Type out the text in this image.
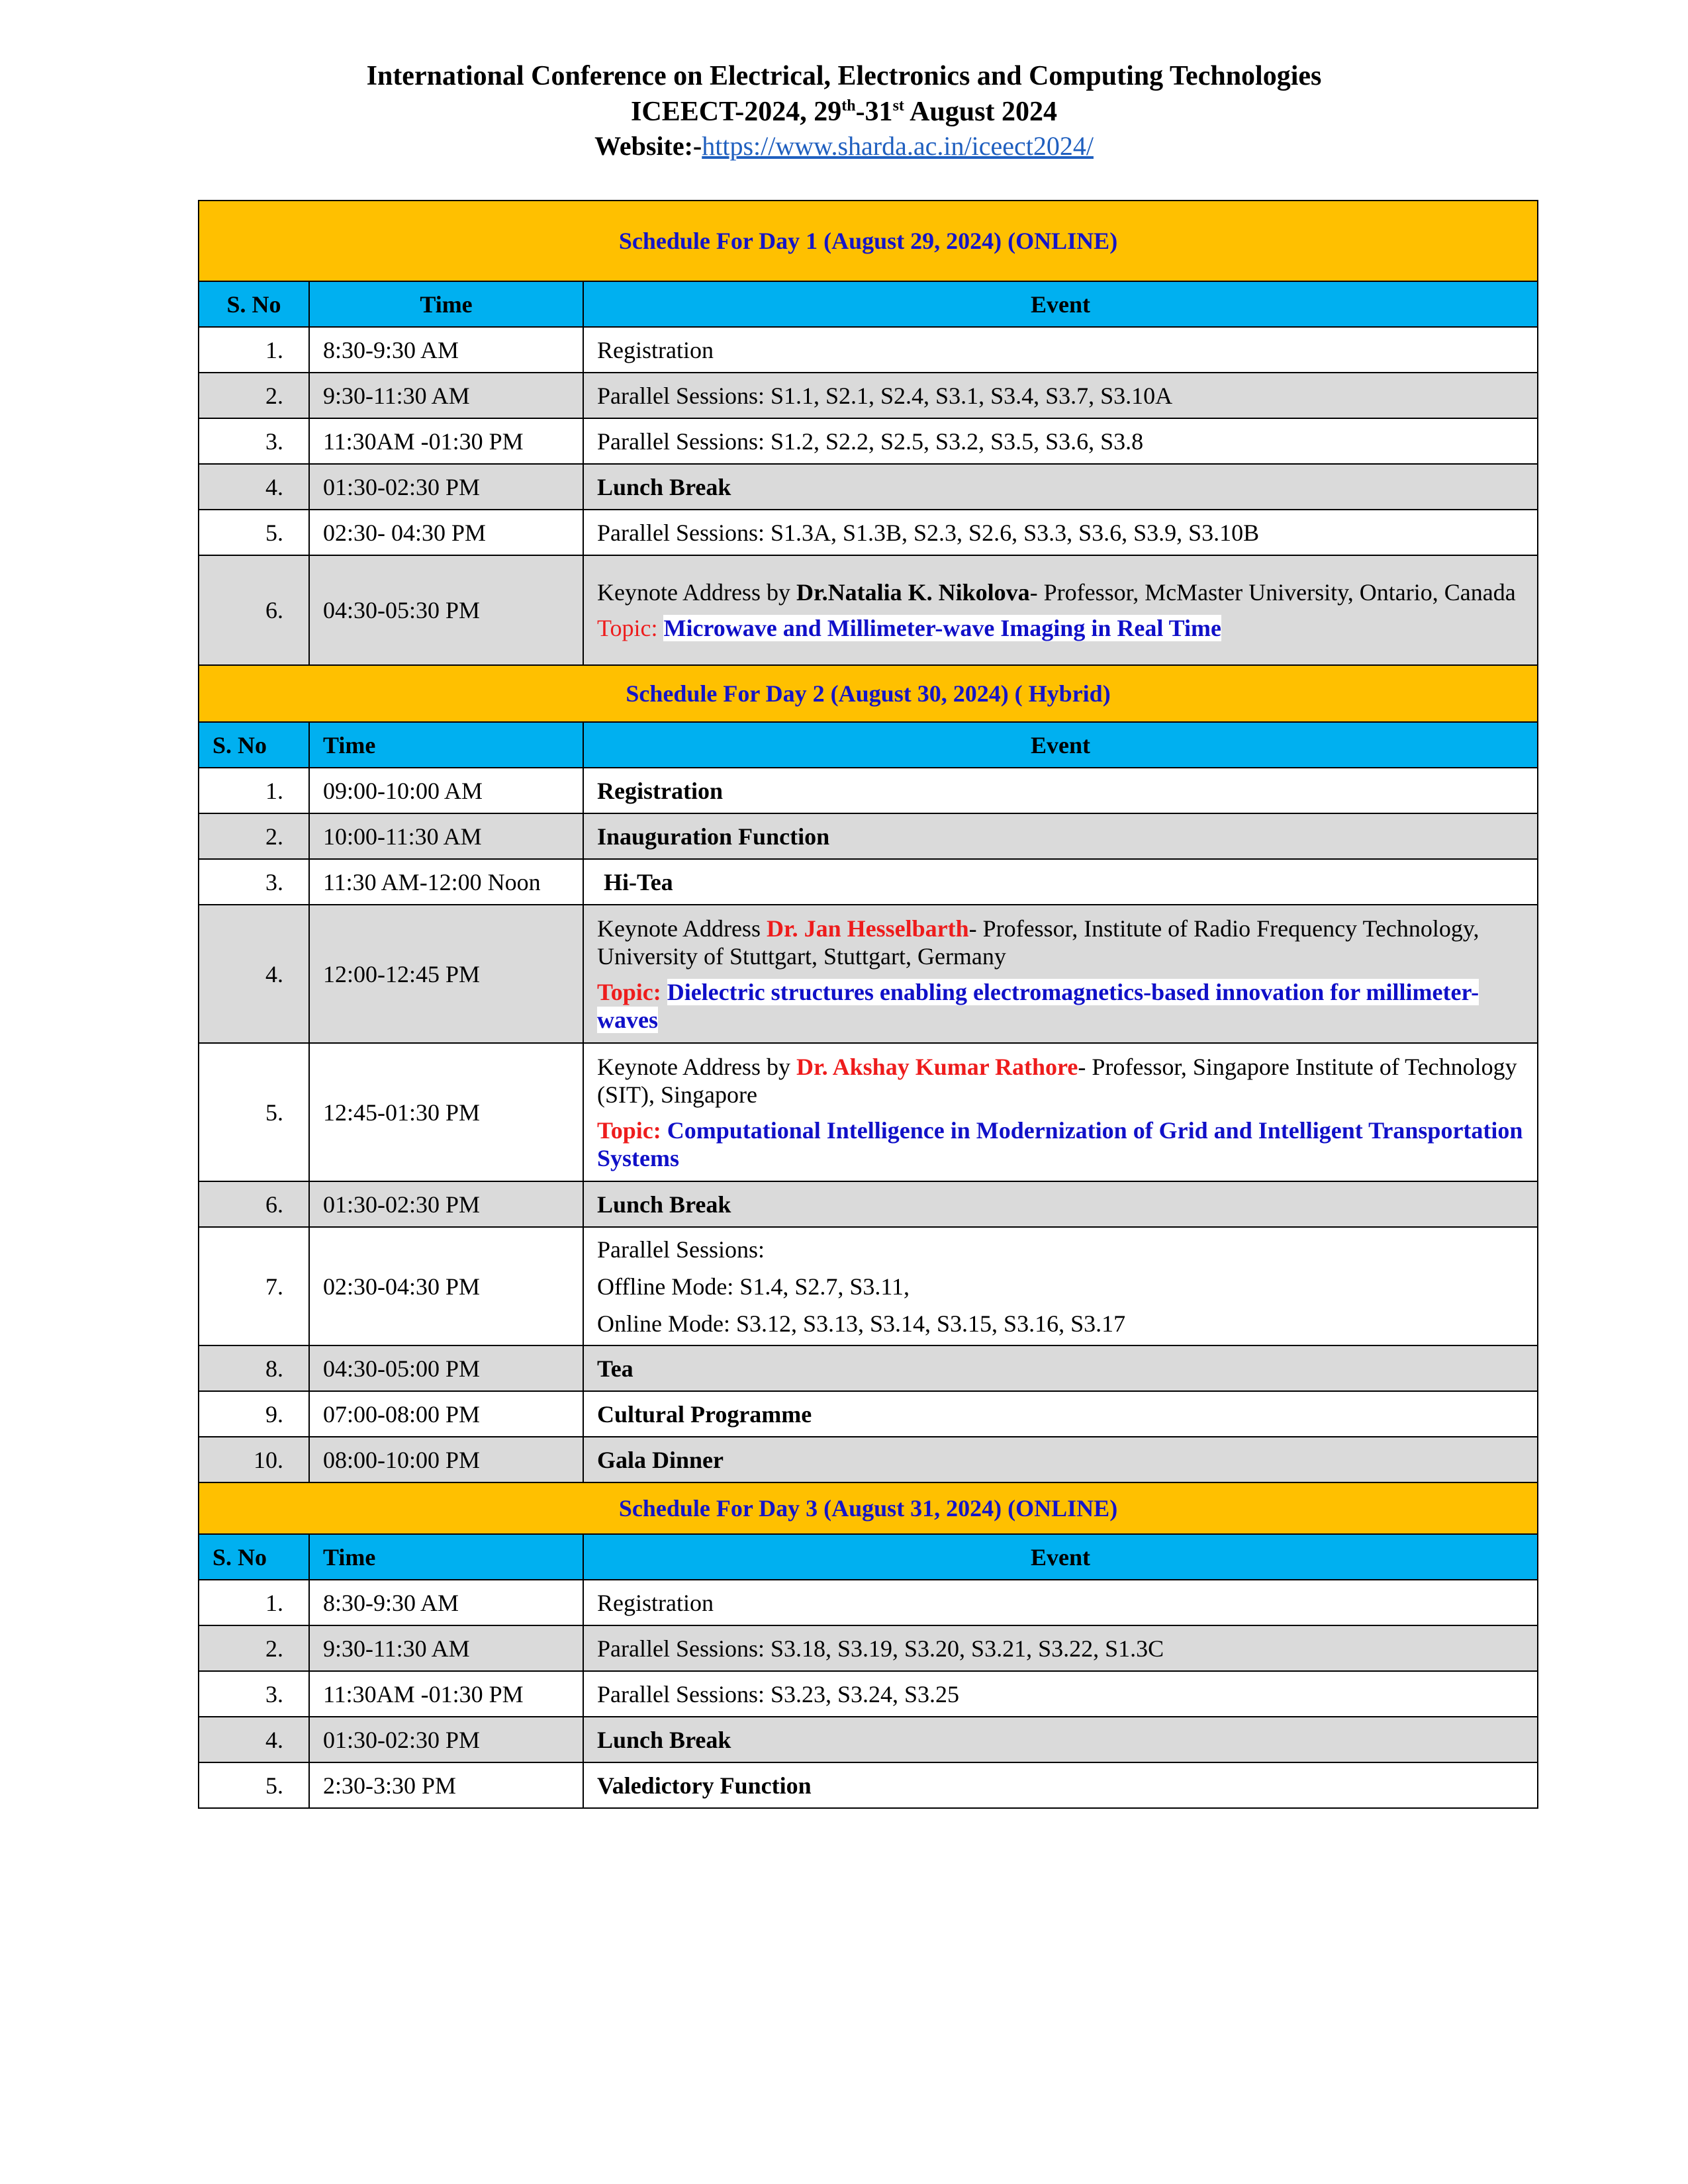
International Conference on Electrical, Electronics and Computing Technologies
ICEECT-2024, 29th-31st August 2024
Website:-https://www.sharda.ac.in/iceect2024/
Schedule For Day 1 (August 29, 2024) (ONLINE)		
S. No	Time	Event
1.	8:30-9:30 AM	Registration
2.	9:30-11:30 AM	Parallel Sessions: S1.1, S2.1, S2.4, S3.1, S3.4, S3.7, S3.10A
3.	11:30AM -01:30 PM	Parallel Sessions: S1.2, S2.2, S2.5, S3.2, S3.5, S3.6, S3.8
4.	01:30-02:30 PM	Lunch Break
5.	02:30- 04:30 PM	Parallel Sessions: S1.3A, S1.3B, S2.3, S2.6, S3.3, S3.6, S3.9, S3.10B
6.	04:30-05:30 PM	Keynote Address by Dr.Natalia K. Nikolova- Professor, McMaster University, Ontario, Canada
Topic: Microwave and Millimeter-wave Imaging in Real Time

Schedule For Day 2 (August 30, 2024) ( Hybrid)		
S. No	Time	Event
1.	09:00-10:00 AM	Registration
2.	10:00-11:30 AM	Inauguration Function
3.	11:30 AM-12:00 Noon	Hi-Tea
4.	12:00-12:45 PM	Keynote Address Dr. Jan Hesselbarth- Professor, Institute of Radio Frequency Technology, University of Stuttgart, Stuttgart, Germany
Topic: Dielectric structures enabling electromagnetics-based innovation for millimeter-waves

5.	12:45-01:30 PM	Keynote Address by Dr. Akshay Kumar Rathore- Professor, Singapore Institute of Technology (SIT), Singapore
Topic: Computational Intelligence in Modernization of Grid and Intelligent Transportation Systems

6.	01:30-02:30 PM	Lunch Break
7.	02:30-04:30 PM	Parallel Sessions:
Offline Mode: S1.4, S2.7, S3.11,
Online Mode: S3.12, S3.13, S3.14, S3.15, S3.16, S3.17

8.	04:30-05:00 PM	Tea
9.	07:00-08:00 PM	Cultural Programme
10.	08:00-10:00 PM	Gala Dinner
Schedule For Day 3 (August 31, 2024) (ONLINE)		
S. No	Time	Event
1.	8:30-9:30 AM	Registration
2.	9:30-11:30 AM	Parallel Sessions: S3.18, S3.19, S3.20, S3.21, S3.22, S1.3C
3.	11:30AM -01:30 PM	Parallel Sessions: S3.23, S3.24, S3.25
4.	01:30-02:30 PM	Lunch Break
5.	2:30-3:30 PM	Valedictory Function
